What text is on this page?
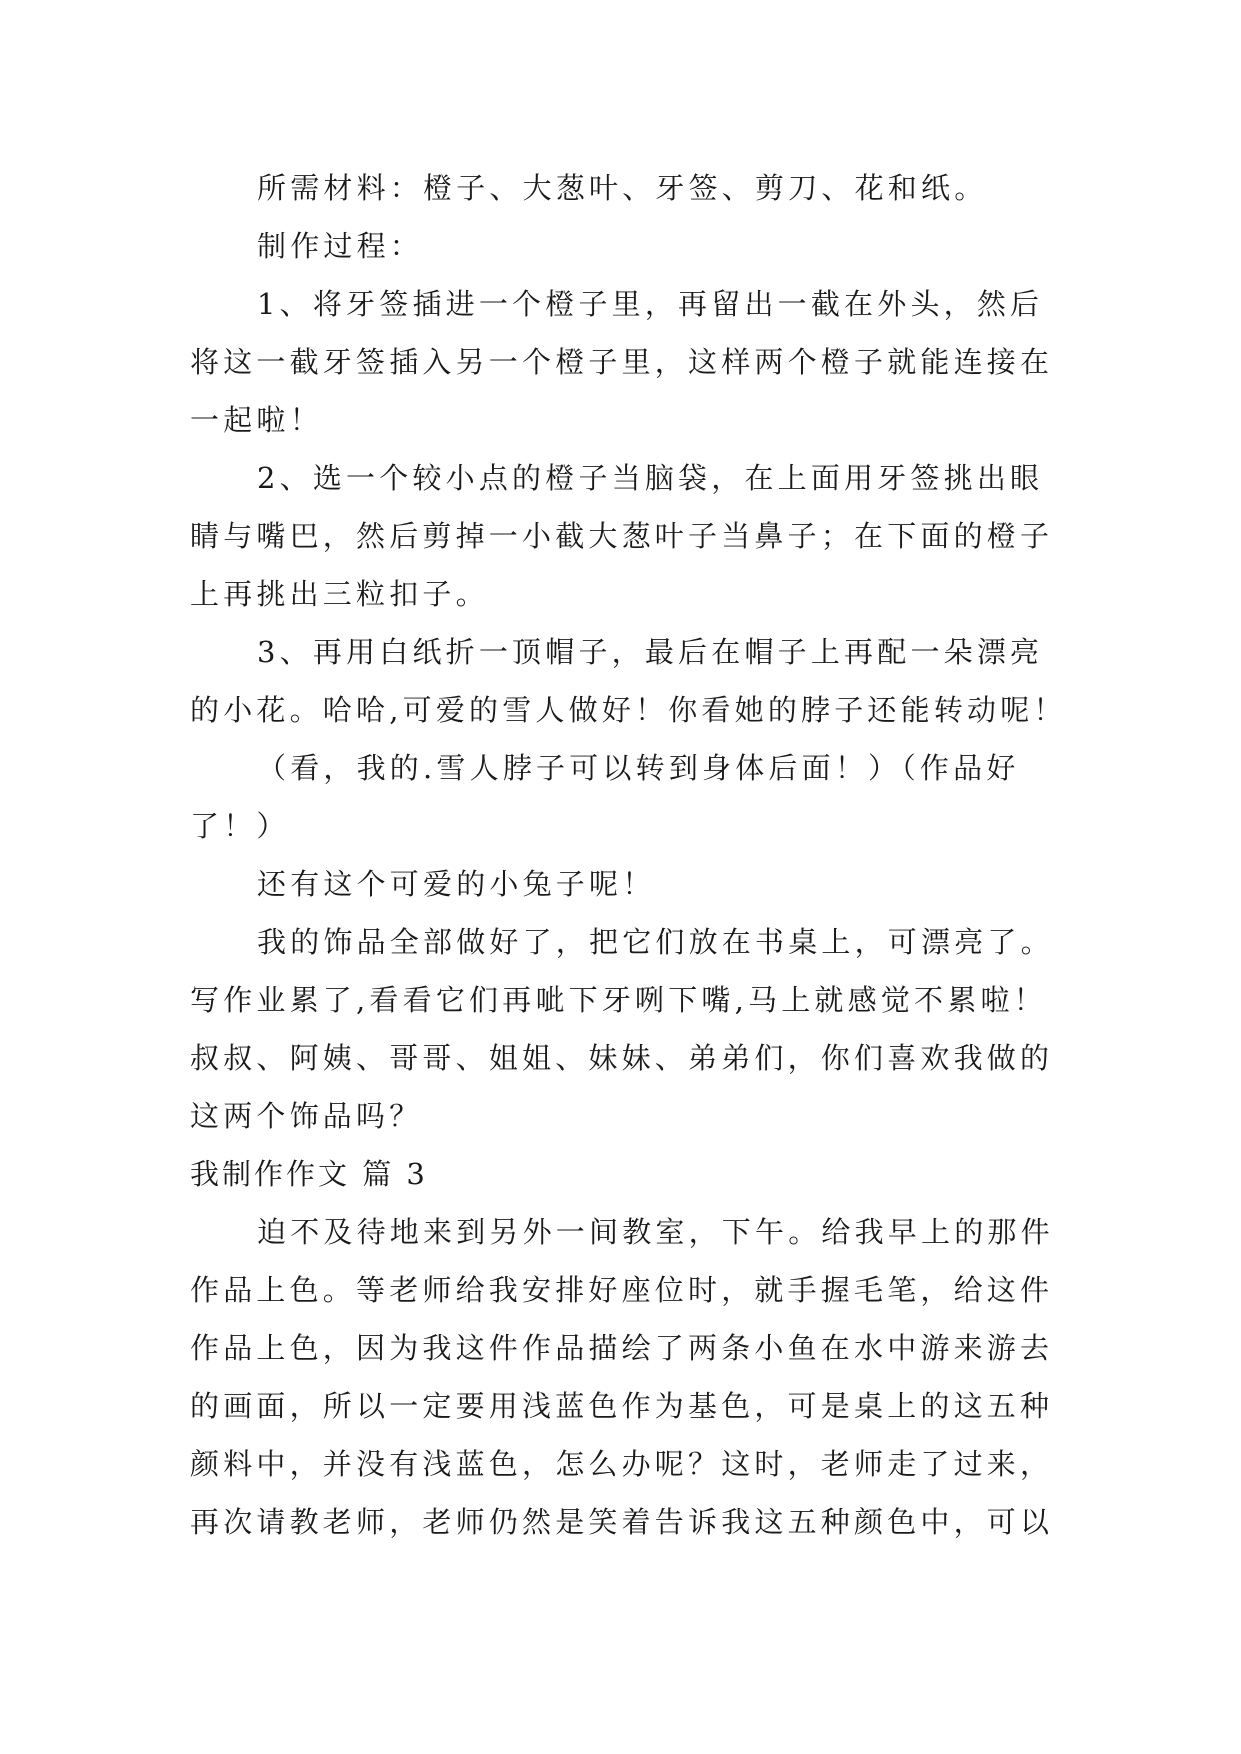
所需材料：橙子、大葱叶、牙签、剪刀、花和纸。
制作过程：
1、将牙签插进一个橙子里，再留出一截在外头，然后
将这一截牙签插入另一个橙子里，这样两个橙子就能连接在
一起啦！
2、选一个较小点的橙子当脑袋，在上面用牙签挑出眼
睛与嘴巴，然后剪掉一小截大葱叶子当鼻子；在下面的橙子
上再挑出三粒扣子。
3、再用白纸折一顶帽子，最后在帽子上再配一朵漂亮
的小花。哈哈,可爱的雪人做好！你看她的脖子还能转动呢！
（看，我的.雪人脖子可以转到身体后面！）（作品好
了！）
还有这个可爱的小兔子呢！
我的饰品全部做好了，把它们放在书桌上，可漂亮了。
写作业累了,看看它们再呲下牙咧下嘴,马上就感觉不累啦！
叔叔、阿姨、哥哥、姐姐、妹妹、弟弟们，你们喜欢我做的
这两个饰品吗？
我制作作文 篇 3
迫不及待地来到另外一间教室，下午。给我早上的那件
作品上色。等老师给我安排好座位时，就手握毛笔，给这件
作品上色，因为我这件作品描绘了两条小鱼在水中游来游去
的画面，所以一定要用浅蓝色作为基色，可是桌上的这五种
颜料中，并没有浅蓝色，怎么办呢？这时，老师走了过来，
再次请教老师，老师仍然是笑着告诉我这五种颜色中，可以
